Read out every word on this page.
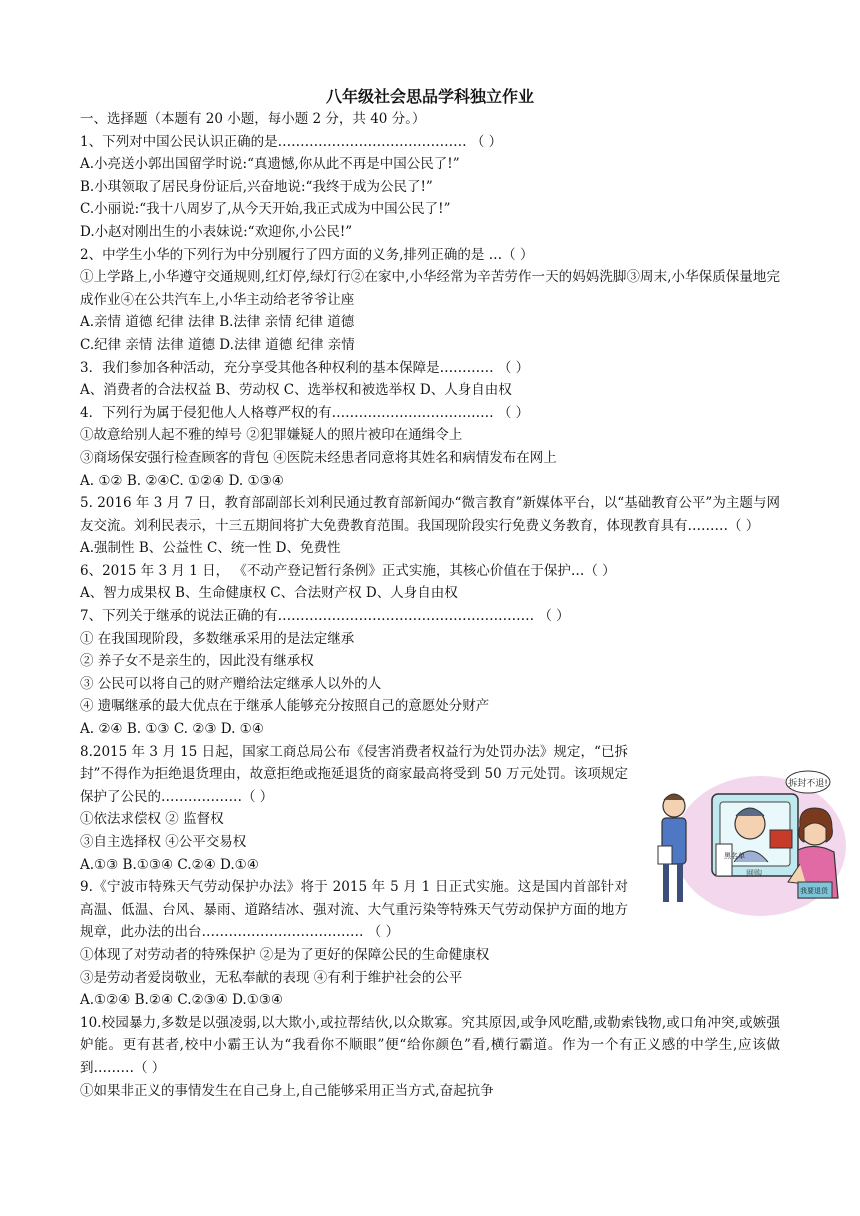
八年级社会思品学科独立作业
一、选择题（本题有 20 小题，每小题 2 分，共 40 分。）
1、下列对中国公民认识正确的是…………………………………… （ ）
A.小亮送小郭出国留学时说:“真遗憾,你从此不再是中国公民了!”
B.小琪领取了居民身份证后,兴奋地说:“我终于成为公民了!”
C.小丽说:“我十八周岁了,从今天开始,我正式成为中国公民了!”
D.小赵对刚出生的小表妹说:“欢迎你,小公民!”
2、中学生小华的下列行为中分别履行了四方面的义务,排列正确的是 …（ ）
①上学路上,小华遵守交通规则,红灯停,绿灯行②在家中,小华经常为辛苦劳作一天的妈妈洗脚③周末,小华保质保量地完成作业④在公共汽车上,小华主动给老爷爷让座
A.亲情 道德 纪律 法律 B.法律 亲情 纪律 道德
C.纪律 亲情 法律 道德 D.法律 道德 纪律 亲情
3．我们参加各种活动，充分享受其他各种权利的基本保障是………… （ ）
A、消费者的合法权益 B、劳动权 C、选举权和被选举权 D、人身自由权
4．下列行为属于侵犯他人人格尊严权的有……………………………… （ ）
①故意给别人起不雅的绰号 ②犯罪嫌疑人的照片被印在通缉令上
③商场保安强行检查顾客的背包 ④医院未经患者同意将其姓名和病情发布在网上
A. ①② B. ②④C. ①②④ D. ①③④
5. 2016 年 3 月 7 日，教育部副部长刘利民通过教育部新闻办“微言教育”新媒体平台，以“基础教育公平”为主题与网友交流。刘利民表示，十三五期间将扩大免费教育范围。我国现阶段实行免费义务教育，体现教育具有………（ ）
A.强制性 B、公益性 C、统一性 D、免费性
6、2015 年 3 月 1 日， 《不动产登记暂行条例》正式实施，其核心价值在于保护…（ ）
A、智力成果权 B、生命健康权 C、合法财产权 D、人身自由权
7、下列关于继承的说法正确的有………………………………………………… （ ）
① 在我国现阶段，多数继承采用的是法定继承
② 养子女不是亲生的，因此没有继承权
③ 公民可以将自己的财产赠给法定继承人以外的人
④ 遗嘱继承的最大优点在于继承人能够充分按照自己的意愿处分财产
A. ②④ B. ①③ C. ②③ D. ①④
8.2015 年 3 月 15 日起，国家工商总局公布《侵害消费者权益行为处罚办法》规定，“已拆封”不得作为拒绝退货理由，故意拒绝或拖延退货的商家最高将受到 50 万元处罚。该项规定保护了公民的………………（ ）
①依法求偿权 ② 监督权
③自主选择权 ④公平交易权
A.①③ B.①③④ C.②④ D.①④
9.《宁波市特殊天气劳动保护办法》将于 2015 年 5 月 1 日正式实施。这是国内首部针对高温、低温、台风、暴雨、道路结冰、强对流、大气重污染等特殊天气劳动保护方面的地方规章，此办法的出台……………………………… （ ）
①体现了对劳动者的特殊保护 ②是为了更好的保障公民的生命健康权
③是劳动者爱岗敬业，无私奉献的表现 ④有利于维护社会的公平
A.①②④ B.②④ C.②③④ D.①③④
10.校园暴力,多数是以强凌弱,以大欺小,或拉帮结伙,以众欺寡。究其原因,或争风吃醋,或勒索钱物,或口角冲突,或嫉强妒能。更有甚者,校中小霸王认为“我看你不顺眼”便“给你颜色”看,横行霸道。作为一个有正义感的中学生,应该做到………（ ）
①如果非正义的事情发生在自己身上,自己能够采用正当方式,奋起抗争
拆封不退!
网购
黑名单
我要退货
